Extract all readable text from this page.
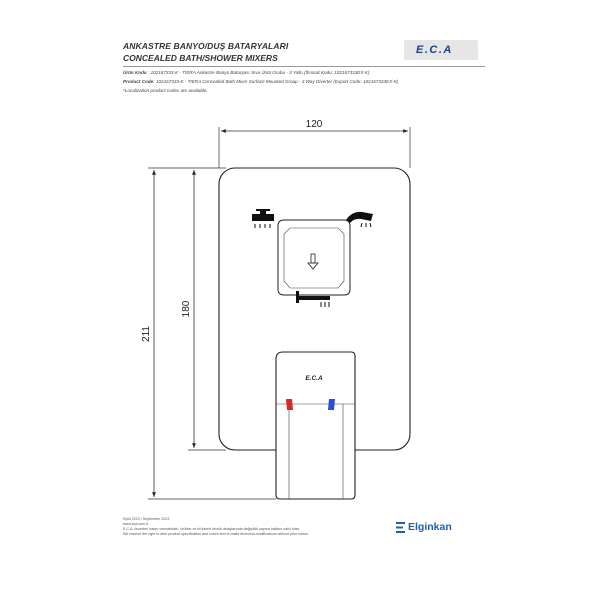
ANKASTRE BANYO/DUŞ BATARYALARI
CONCEALED BATH/SHOWER MIXERS
E.C.A
Ürün Kodu : 102167333-K - TIERA Ankastre Banyo Bataryası Sıva Üstü Grubu - 3 Yollu (İhracat Kodu: 102167333EX-K)
Product Code: 102167333-K - TIERA Concealed Bath Mixer Surface Mounted Group - 3 Way Diverter (Export Code: 102167333EX-K)
*Localization product codes are available.
120
180
211
E.C.A
Eylül 2023 / September 2023
www.eca.com.tr
E.C.A. önceden haber vermeksizin, ürünler ve ürünlerin teknik detaylarında değişiklik yapma hakkını saklı tutar.
We reserve the right to alter product specification and colors and to make technical modifications without prior notice.
Elginkan
